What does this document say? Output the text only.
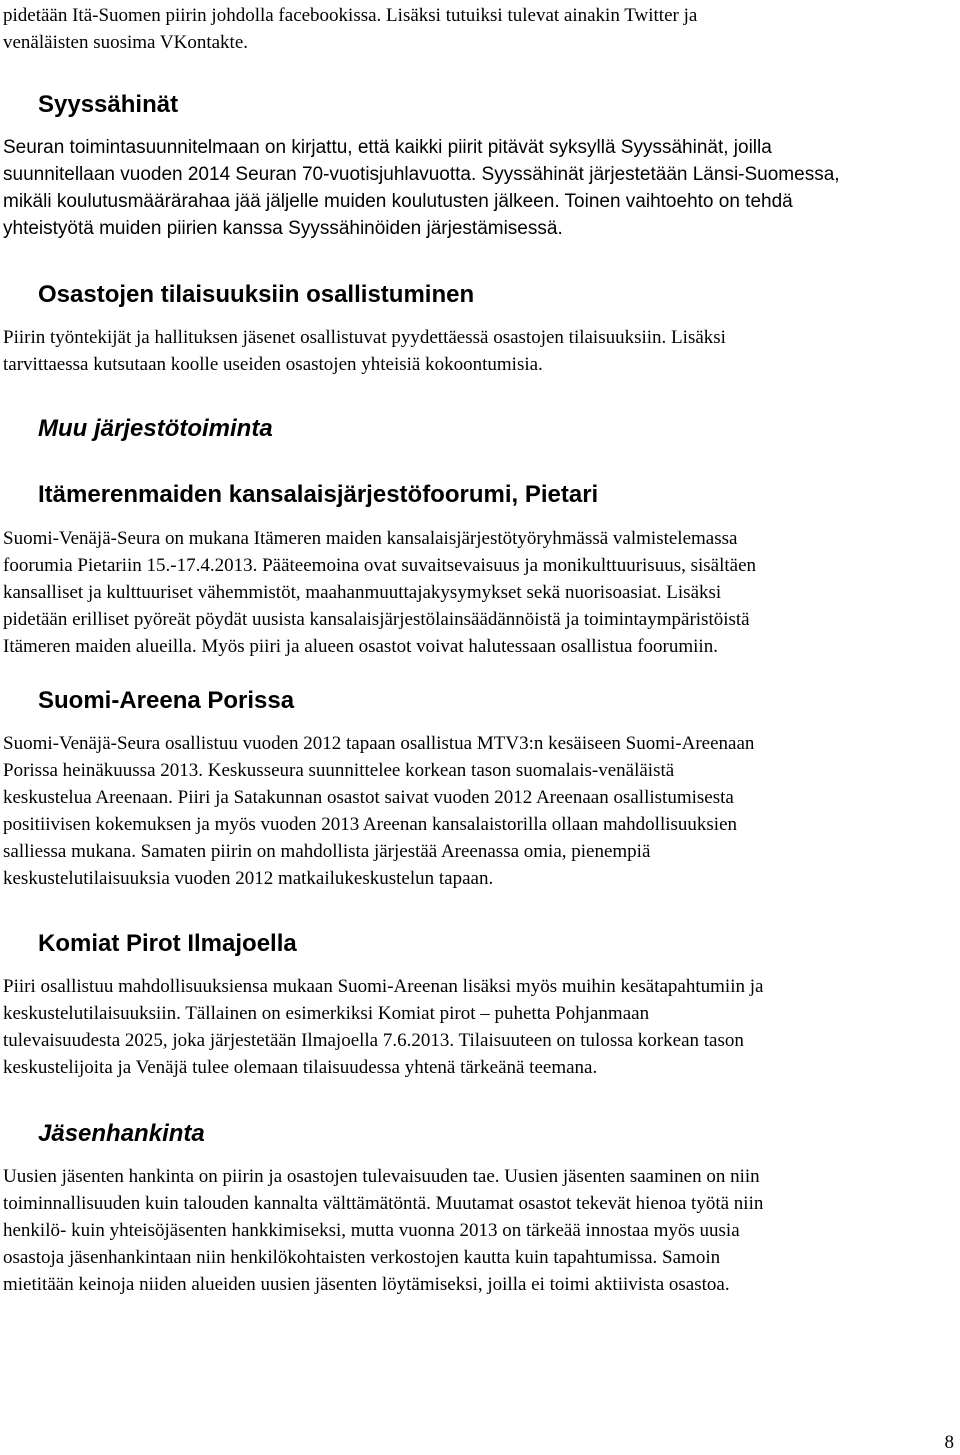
pidetään Itä-Suomen piirin johdolla facebookissa. Lisäksi tutuiksi tulevat ainakin Twitter ja
venäläisten suosima VKontakte.
Syyssähinät
Seuran toimintasuunnitelmaan on kirjattu, että kaikki piirit pitävät syksyllä Syyssähinät, joilla
suunnitellaan vuoden 2014 Seuran 70-vuotisjuhlavuotta. Syyssähinät järjestetään Länsi-Suomessa,
mikäli koulutusmäärärahaa jää jäljelle muiden koulutusten jälkeen. Toinen vaihtoehto on tehdä
yhteistyötä muiden piirien kanssa Syyssähinöiden järjestämisessä.
Osastojen tilaisuuksiin osallistuminen
Piirin työntekijät ja hallituksen jäsenet osallistuvat pyydettäessä osastojen tilaisuuksiin. Lisäksi
tarvittaessa kutsutaan koolle useiden osastojen yhteisiä kokoontumisia.
Muu järjestötoiminta
Itämerenmaiden kansalaisjärjestöfoorumi, Pietari
Suomi-Venäjä-Seura on mukana Itämeren maiden kansalaisjärjestötyöryhmässä valmistelemassa
foorumia Pietariin 15.-17.4.2013. Pääteemoina ovat suvaitsevaisuus ja monikulttuurisuus, sisältäen
kansalliset ja kulttuuriset vähemmistöt, maahanmuuttajakysymykset sekä nuorisoasiat. Lisäksi
pidetään erilliset pyöreät pöydät uusista kansalaisjärjestölainsäädännöistä ja toimintaympäristöistä
Itämeren maiden alueilla. Myös piiri ja alueen osastot voivat halutessaan osallistua foorumiin.
Suomi-Areena Porissa
Suomi-Venäjä-Seura osallistuu vuoden 2012 tapaan osallistua MTV3:n kesäiseen Suomi-Areenaan
Porissa heinäkuussa 2013. Keskusseura suunnittelee korkean tason suomalais-venäläistä
keskustelua Areenaan. Piiri ja Satakunnan osastot saivat vuoden 2012 Areenaan osallistumisesta
positiivisen kokemuksen ja myös vuoden 2013 Areenan kansalaistorilla ollaan mahdollisuuksien
salliessa mukana. Samaten piirin on mahdollista järjestää Areenassa omia, pienempiä
keskustelutilaisuuksia vuoden 2012 matkailukeskustelun tapaan.
Komiat Pirot Ilmajoella
Piiri osallistuu mahdollisuuksiensa mukaan Suomi-Areenan lisäksi myös muihin kesätapahtumiin ja
keskustelutilaisuuksiin. Tällainen on esimerkiksi Komiat pirot – puhetta Pohjanmaan
tulevaisuudesta 2025, joka järjestetään Ilmajoella 7.6.2013. Tilaisuuteen on tulossa korkean tason
keskustelijoita ja Venäjä tulee olemaan tilaisuudessa yhtenä tärkeänä teemana.
Jäsenhankinta
Uusien jäsenten hankinta on piirin ja osastojen tulevaisuuden tae. Uusien jäsenten saaminen on niin
toiminnallisuuden kuin talouden kannalta välttämätöntä. Muutamat osastot tekevät hienoa työtä niin
henkilö- kuin yhteisöjäsenten hankkimiseksi, mutta vuonna 2013 on tärkeää innostaa myös uusia
osastoja jäsenhankintaan niin henkilökohtaisten verkostojen kautta kuin tapahtumissa. Samoin
mietitään keinoja niiden alueiden uusien jäsenten löytämiseksi, joilla ei toimi aktiivista osastoa.
8
